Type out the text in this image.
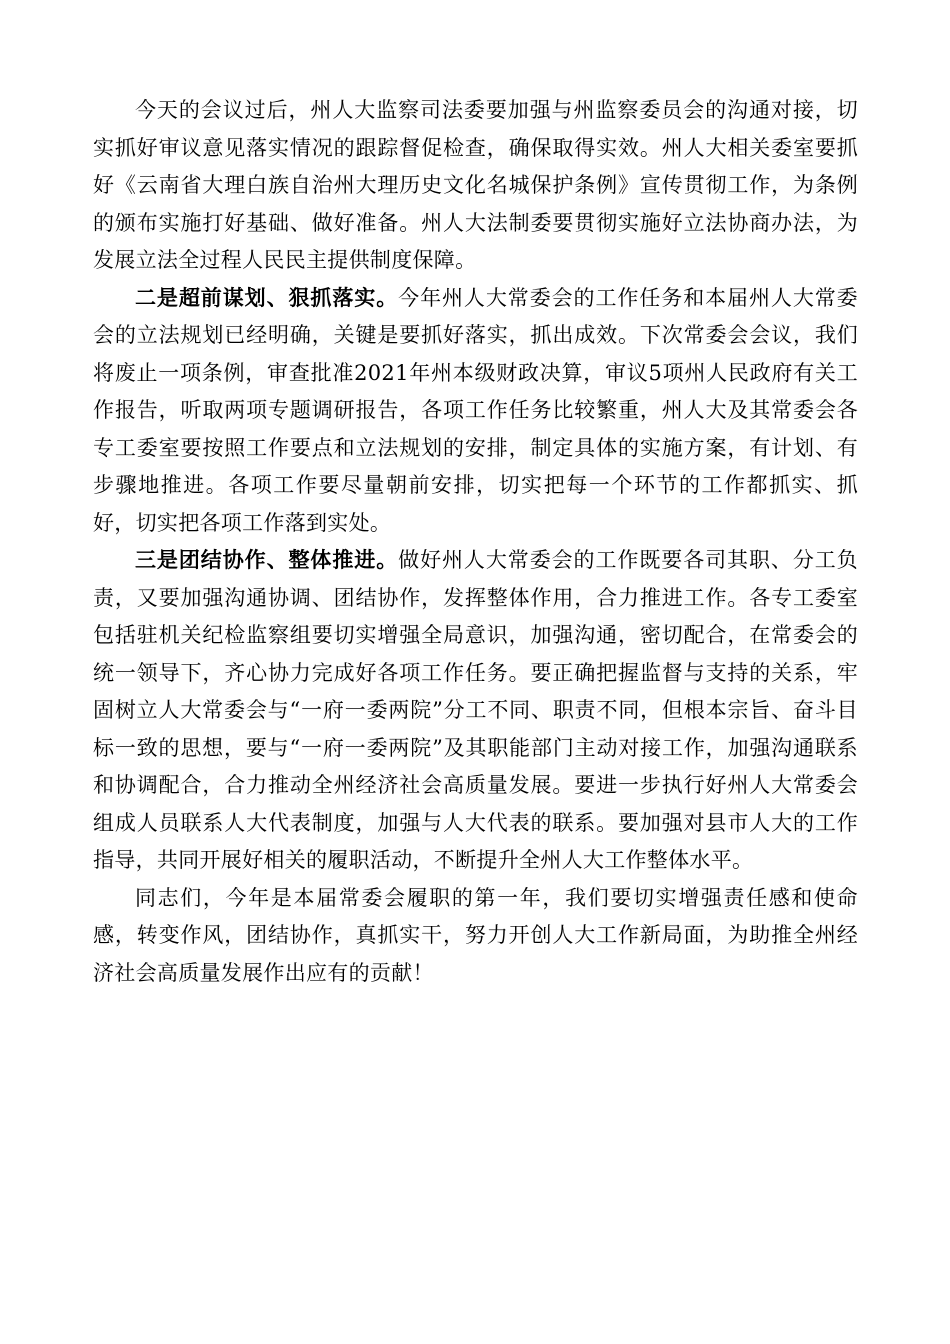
今天的会议过后，州人大监察司法委要加强与州监察委员会的沟通对接，切实抓好审议意见落实情况的跟踪督促检查，确保取得实效。州人大相关委室要抓好《云南省大理白族自治州大理历史文化名城保护条例》宣传贯彻工作，为条例的颁布实施打好基础、做好准备。州人大法制委要贯彻实施好立法协商办法，为发展立法全过程人民民主提供制度保障。

二是超前谋划、狠抓落实。今年州人大常委会的工作任务和本届州人大常委会的立法规划已经明确，关键是要抓好落实，抓出成效。下次常委会会议，我们将废止一项条例，审查批准2021年州本级财政决算，审议5项州人民政府有关工作报告，听取两项专题调研报告，各项工作任务比较繁重，州人大及其常委会各专工委室要按照工作要点和立法规划的安排，制定具体的实施方案，有计划、有步骤地推进。各项工作要尽量朝前安排，切实把每一个环节的工作都抓实、抓好，切实把各项工作落到实处。

三是团结协作、整体推进。做好州人大常委会的工作既要各司其职、分工负责，又要加强沟通协调、团结协作，发挥整体作用，合力推进工作。各专工委室包括驻机关纪检监察组要切实增强全局意识，加强沟通，密切配合，在常委会的统一领导下，齐心协力完成好各项工作任务。要正确把握监督与支持的关系，牢固树立人大常委会与“一府一委两院”分工不同、职责不同，但根本宗旨、奋斗目标一致的思想，要与“一府一委两院”及其职能部门主动对接工作，加强沟通联系和协调配合，合力推动全州经济社会高质量发展。要进一步执行好州人大常委会组成人员联系人大代表制度，加强与人大代表的联系。要加强对县市人大的工作指导，共同开展好相关的履职活动，不断提升全州人大工作整体水平。

同志们，今年是本届常委会履职的第一年，我们要切实增强责任感和使命感，转变作风，团结协作，真抓实干，努力开创人大工作新局面，为助推全州经济社会高质量发展作出应有的贡献！
